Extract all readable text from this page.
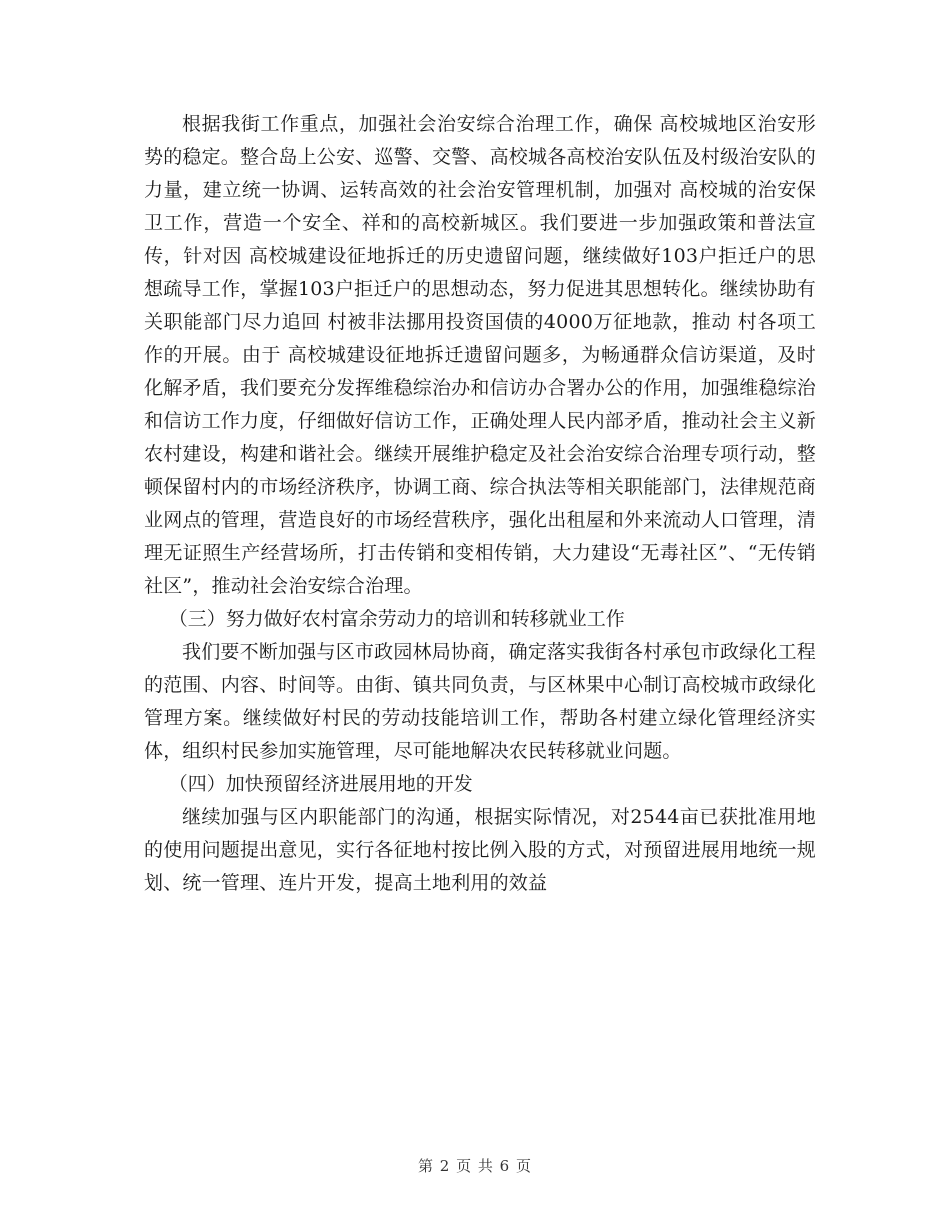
根据我街工作重点，加强社会治安综合治理工作，确保 高校城地区治安形势的稳定。整合岛上公安、巡警、交警、高校城各高校治安队伍及村级治安队的力量，建立统一协调、运转高效的社会治安管理机制，加强对 高校城的治安保卫工作，营造一个安全、祥和的高校新城区。我们要进一步加强政策和普法宣传，针对因 高校城建设征地拆迁的历史遗留问题，继续做好103户拒迁户的思想疏导工作，掌握103户拒迁户的思想动态，努力促进其思想转化。继续协助有关职能部门尽力追回 村被非法挪用投资国债的4000万征地款，推动 村各项工作的开展。由于 高校城建设征地拆迁遗留问题多，为畅通群众信访渠道，及时化解矛盾，我们要充分发挥维稳综治办和信访办合署办公的作用，加强维稳综治和信访工作力度，仔细做好信访工作，正确处理人民内部矛盾，推动社会主义新农村建设，构建和谐社会。继续开展维护稳定及社会治安综合治理专项行动，整顿保留村内的市场经济秩序，协调工商、综合执法等相关职能部门，法律规范商业网点的管理，营造良好的市场经营秩序，强化出租屋和外来流动人口管理，清理无证照生产经营场所，打击传销和变相传销，大力建设“无毒社区”、“无传销社区”，推动社会治安综合治理。

（三）努力做好农村富余劳动力的培训和转移就业工作

我们要不断加强与区市政园林局协商，确定落实我街各村承包市政绿化工程的范围、内容、时间等。由街、镇共同负责，与区林果中心制订高校城市政绿化管理方案。继续做好村民的劳动技能培训工作，帮助各村建立绿化管理经济实体，组织村民参加实施管理，尽可能地解决农民转移就业问题。

（四）加快预留经济进展用地的开发

继续加强与区内职能部门的沟通，根据实际情况，对2544亩已获批准用地的使用问题提出意见，实行各征地村按比例入股的方式，对预留进展用地统一规划、统一管理、连片开发，提高土地利用的效益

第 2 页 共 6 页
